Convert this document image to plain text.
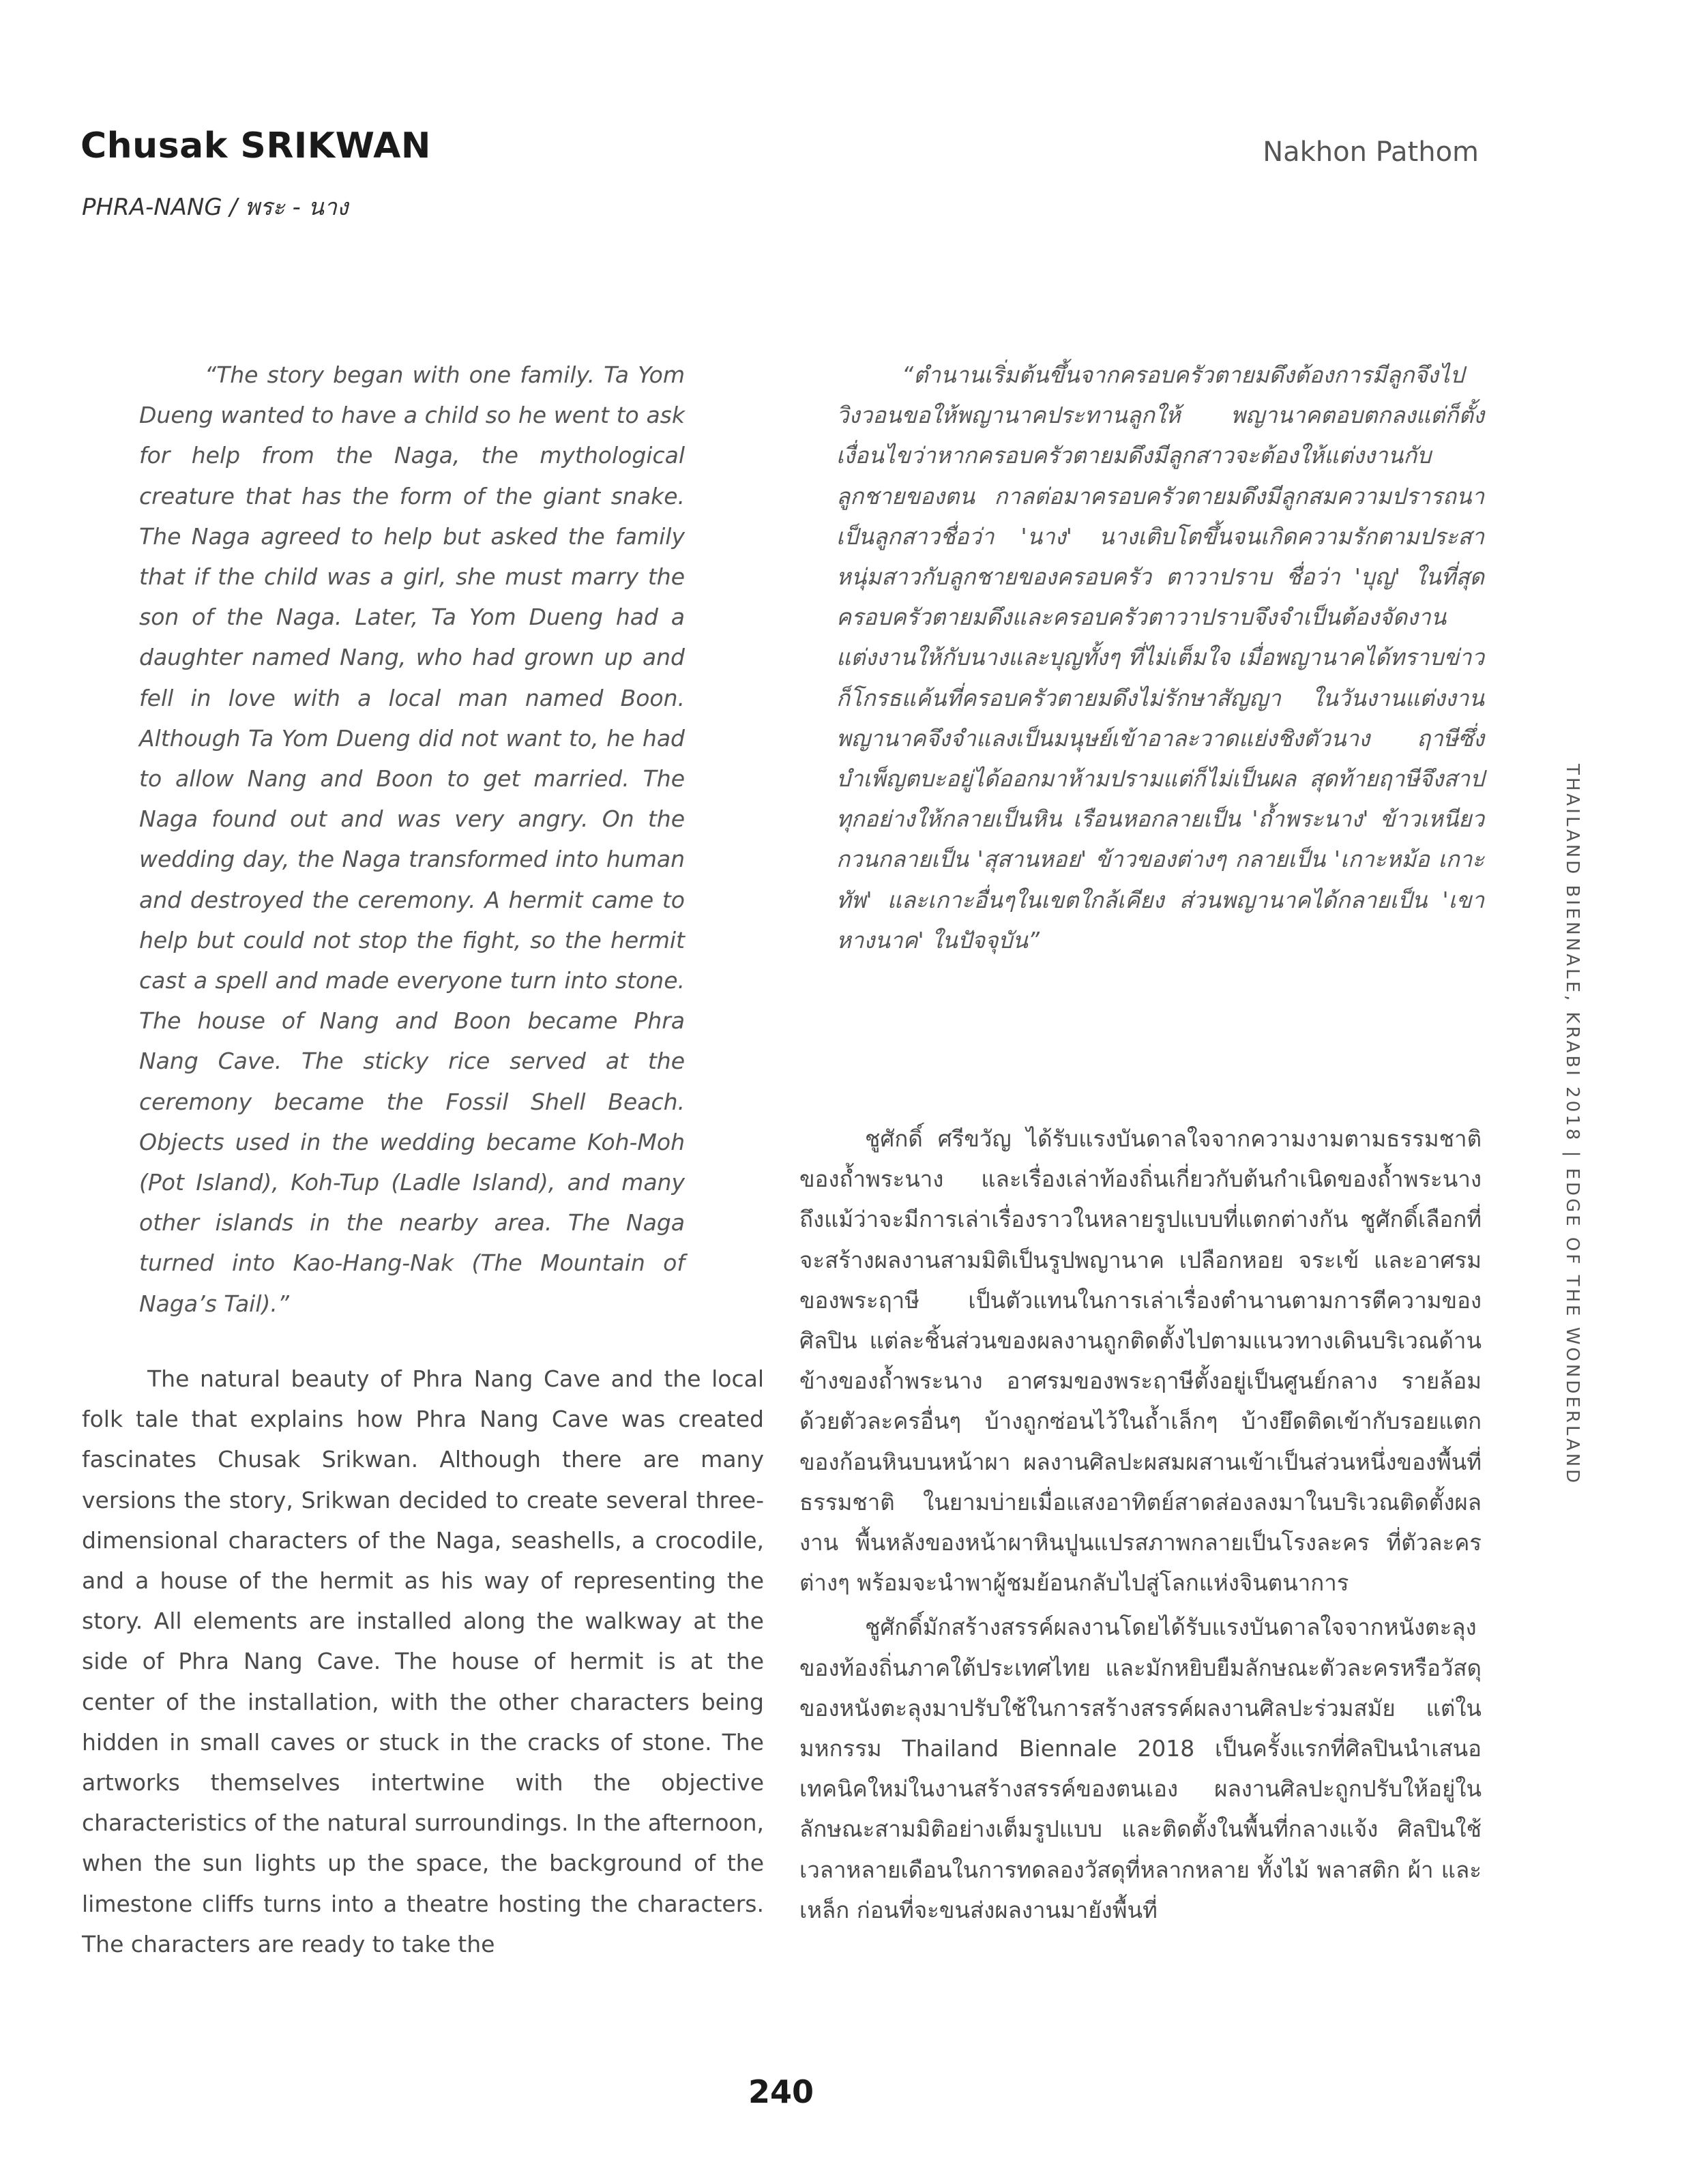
Chusak SRIKWAN	Nakhon Pathom
PHRA-NANG / พระ - นาง

“The story began with one family. Ta Yom Dueng wanted to have a child so he went to ask for help from the Naga, the mythological creature that has the form of the giant snake. The Naga agreed to help but asked the family that if the child was a girl, she must marry the son of the Naga. Later, Ta Yom Dueng had a daughter named Nang, who had grown up and fell in love with a local man named Boon. Although Ta Yom Dueng did not want to, he had to allow Nang and Boon to get married. The Naga found out and was very angry. On the wedding day, the Naga transformed into human and destroyed the ceremony. A hermit came to help but could not stop the fight, so the hermit cast a spell and made everyone turn into stone. The house of Nang and Boon became Phra Nang Cave. The sticky rice served at the ceremony became the Fossil Shell Beach. Objects used in the wedding became Koh-Moh (Pot Island), Koh-Tup (Ladle Island), and many other islands in the nearby area. The Naga turned into Kao-Hang-Nak (The Mountain of Naga’s Tail).”

The natural beauty of Phra Nang Cave and the local folk tale that explains how Phra Nang Cave was created fascinates Chusak Srikwan. Although there are many versions the story, Srikwan decided to create several three-dimensional characters of the Naga, seashells, a crocodile, and a house of the hermit as his way of representing the story. All elements are installed along the walkway at the side of Phra Nang Cave. The house of hermit is at the center of the installation, with the other characters being hidden in small caves or stuck in the cracks of stone. The artworks themselves intertwine with the objective characteristics of the natural surroundings. In the afternoon, when the sun lights up the space, the background of the limestone cliffs turns into a theatre hosting the characters. The characters are ready to take the

“ตำนานเริ่มต้นขึ้นจากครอบครัวตายมดึงต้องการมีลูกจึงไปวิงวอนขอให้พญานาคประทานลูกให้ พญานาคตอบตกลงแต่ก็ตั้งเงื่อนไขว่าหากครอบครัวตายมดึงมีลูกสาวจะต้องให้แต่งงานกับลูกชายของตน กาลต่อมาครอบครัวตายมดึงมีลูกสมความปรารถนาเป็นลูกสาวชื่อว่า 'นาง' นางเติบโตขึ้นจนเกิดความรักตามประสาหนุ่มสาวกับลูกชายของครอบครัว ตาวาปราบ ชื่อว่า 'บุญ' ในที่สุดครอบครัวตายมดึงและครอบครัวตาวาปราบจึงจำเป็นต้องจัดงานแต่งงานให้กับนางและบุญทั้งๆ ที่ไม่เต็มใจ เมื่อพญานาคได้ทราบข่าวก็โกรธแค้นที่ครอบครัวตายมดึงไม่รักษาสัญญา ในวันงานแต่งงานพญานาคจึงจำแลงเป็นมนุษย์เข้าอาละวาดแย่งชิงตัวนาง ฤาษีซึ่งบำเพ็ญตบะอยู่ได้ออกมาห้ามปรามแต่ก็ไม่เป็นผล สุดท้ายฤาษีจึงสาปทุกอย่างให้กลายเป็นหิน เรือนหอกลายเป็น 'ถ้ำพระนาง' ข้าวเหนียวกวนกลายเป็น 'สุสานหอย' ข้าวของต่างๆ กลายเป็น 'เกาะหม้อ เกาะทัพ' และเกาะอื่นๆในเขตใกล้เคียง ส่วนพญานาคได้กลายเป็น 'เขาหางนาค' ในปัจจุบัน”

ชูศักดิ์ ศรีขวัญ ได้รับแรงบันดาลใจจากความงามตามธรรมชาติของถ้ำพระนาง และเรื่องเล่าท้องถิ่นเกี่ยวกับต้นกำเนิดของถ้ำพระนาง ถึงแม้ว่าจะมีการเล่าเรื่องราวในหลายรูปแบบที่แตกต่างกัน ชูศักดิ์เลือกที่จะสร้างผลงานสามมิติเป็นรูปพญานาค เปลือกหอย จระเข้ และอาศรมของพระฤาษี เป็นตัวแทนในการเล่าเรื่องตำนานตามการตีความของศิลปิน แต่ละชิ้นส่วนของผลงานถูกติดตั้งไปตามแนวทางเดินบริเวณด้านข้างของถ้ำพระนาง อาศรมของพระฤาษีตั้งอยู่เป็นศูนย์กลาง รายล้อมด้วยตัวละครอื่นๆ บ้างถูกซ่อนไว้ในถ้ำเล็กๆ บ้างยึดติดเข้ากับรอยแตกของก้อนหินบนหน้าผา ผลงานศิลปะผสมผสานเข้าเป็นส่วนหนึ่งของพื้นที่ธรรมชาติ ในยามบ่ายเมื่อแสงอาทิตย์สาดส่องลงมาในบริเวณติดตั้งผลงาน พื้นหลังของหน้าผาหินปูนแปรสภาพกลายเป็นโรงละคร ที่ตัวละครต่างๆ พร้อมจะนำพาผู้ชมย้อนกลับไปสู่โลกแห่งจินตนาการ

ชูศักดิ์มักสร้างสรรค์ผลงานโดยได้รับแรงบันดาลใจจากหนังตะลุงของท้องถิ่นภาคใต้ประเทศไทย และมักหยิบยืมลักษณะตัวละครหรือวัสดุของหนังตะลุงมาปรับใช้ในการสร้างสรรค์ผลงานศิลปะร่วมสมัย แต่ในมหกรรม Thailand Biennale 2018 เป็นครั้งแรกที่ศิลปินนำเสนอเทคนิคใหม่ในงานสร้างสรรค์ของตนเอง ผลงานศิลปะถูกปรับให้อยู่ในลักษณะสามมิติอย่างเต็มรูปแบบ และติดตั้งในพื้นที่กลางแจ้ง ศิลปินใช้เวลาหลายเดือนในการทดลองวัสดุที่หลากหลาย ทั้งไม้ พลาสติก ผ้า และเหล็ก ก่อนที่จะขนส่งผลงานมายังพื้นที่

THAILAND BIENNALE, KRABI 2018 | EDGE OF THE WONDERLAND
240
